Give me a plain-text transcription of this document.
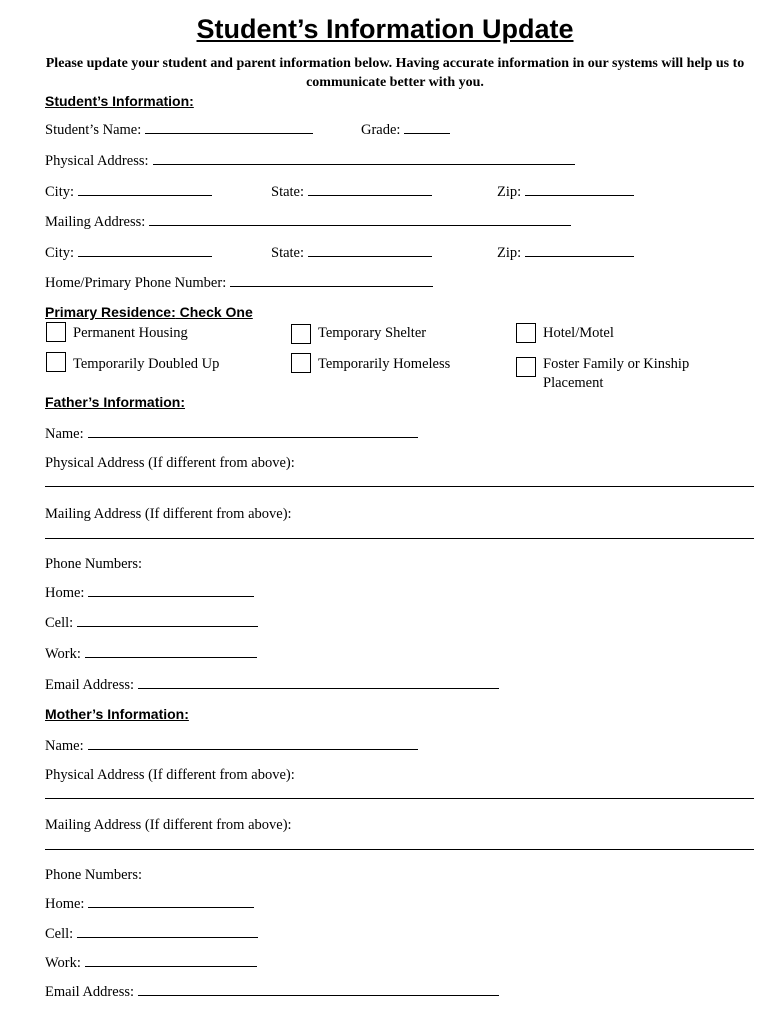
Student’s Information Update
Please update your student and parent information below. Having accurate information in our systems will help us to communicate better with you.
Student’s Information:
Student’s Name:	Grade:
Physical Address:
City:	State:	Zip:
Mailing Address:
City:	State:	Zip:
Home/Primary Phone Number:
Primary Residence: Check One
Permanent Housing	Temporary Shelter	Hotel/Motel
Temporarily Doubled Up	Temporarily Homeless	Foster Family or Kinship Placement
Father’s Information:
Name:
Physical Address (If different from above):
Mailing Address (If different from above):
Phone Numbers:
Home:
Cell:
Work:
Email Address:
Mother’s Information:
Name:
Physical Address (If different from above):
Mailing Address (If different from above):
Phone Numbers:
Home:
Cell:
Work:
Email Address:
